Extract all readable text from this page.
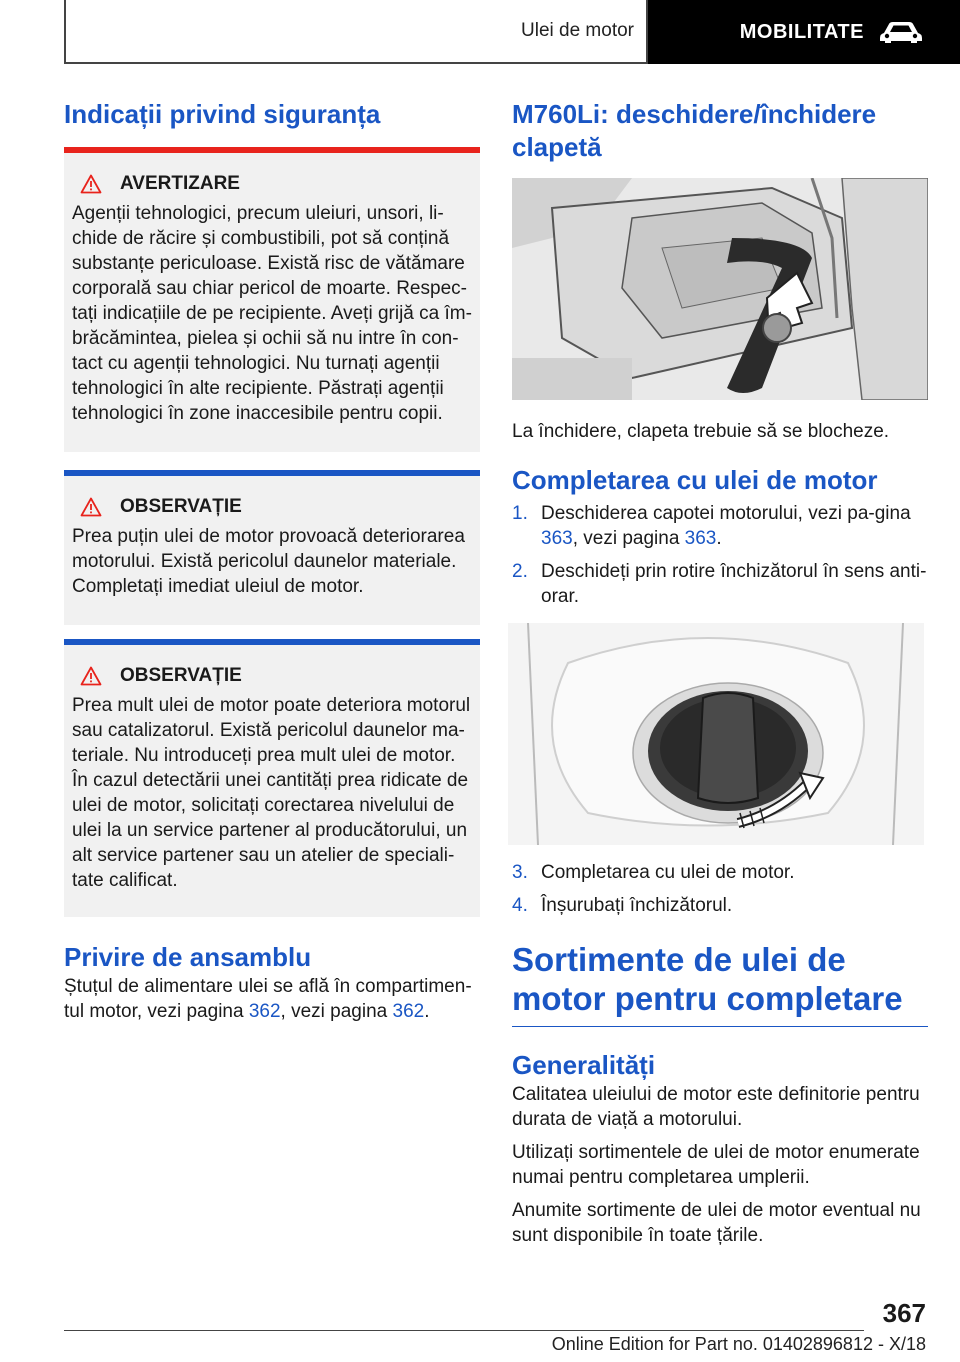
Ulei de motor	MOBILITATE
Indicații privind siguranța
AVERTIZARE

Agenții tehnologici, precum uleiuri, unsori, li-chide de răcire și combustibili, pot să conțină substanțe periculoase. Există risc de vătămare corporală sau chiar pericol de moarte. Respec-tați indicațiile de pe recipiente. Aveți grijă ca îm-brăcămintea, pielea și ochii să nu intre în con-tact cu agenții tehnologici. Nu turnați agenții tehnologici în alte recipiente. Păstrați agenții tehnologici în zone inaccesibile pentru copii.

OBSERVAȚIE

Prea puțin ulei de motor provoacă deteriorarea motorului. Există pericolul daunelor materiale. Completați imediat uleiul de motor.

OBSERVAȚIE

Prea mult ulei de motor poate deteriora motorul sau catalizatorul. Există pericolul daunelor ma-teriale. Nu introduceți prea mult ulei de motor. În cazul detectării unei cantități prea ridicate de ulei de motor, solicitați corectarea nivelului de ulei la un service partener al producătorului, un alt service partener sau un atelier de speciali-tate calificat.

Privire de ansamblu

Ștuțul de alimentare ulei se află în compartimen-tul motor, vezi pagina 362, vezi pagina 362.

M760Li: deschidere/închidere clapetă

La închidere, clapeta trebuie să se blocheze.

Completarea cu ulei de motor
1. Deschiderea capotei motorului, vezi pa-gina 363, vezi pagina 363.
2. Deschideți prin rotire închizătorul în sens anti-orar.
3. Completarea cu ulei de motor.
4. Înșurubați închizătorul.
Sortimente de ulei de motor pentru completare
Generalități

Calitatea uleiului de motor este definitorie pentru durata de viață a motorului.

Utilizați sortimentele de ulei de motor enumerate numai pentru completarea umplerii.

Anumite sortimente de ulei de motor eventual nu sunt disponibile în toate țările.

367
Online Edition for Part no. 01402896812 - X/18
